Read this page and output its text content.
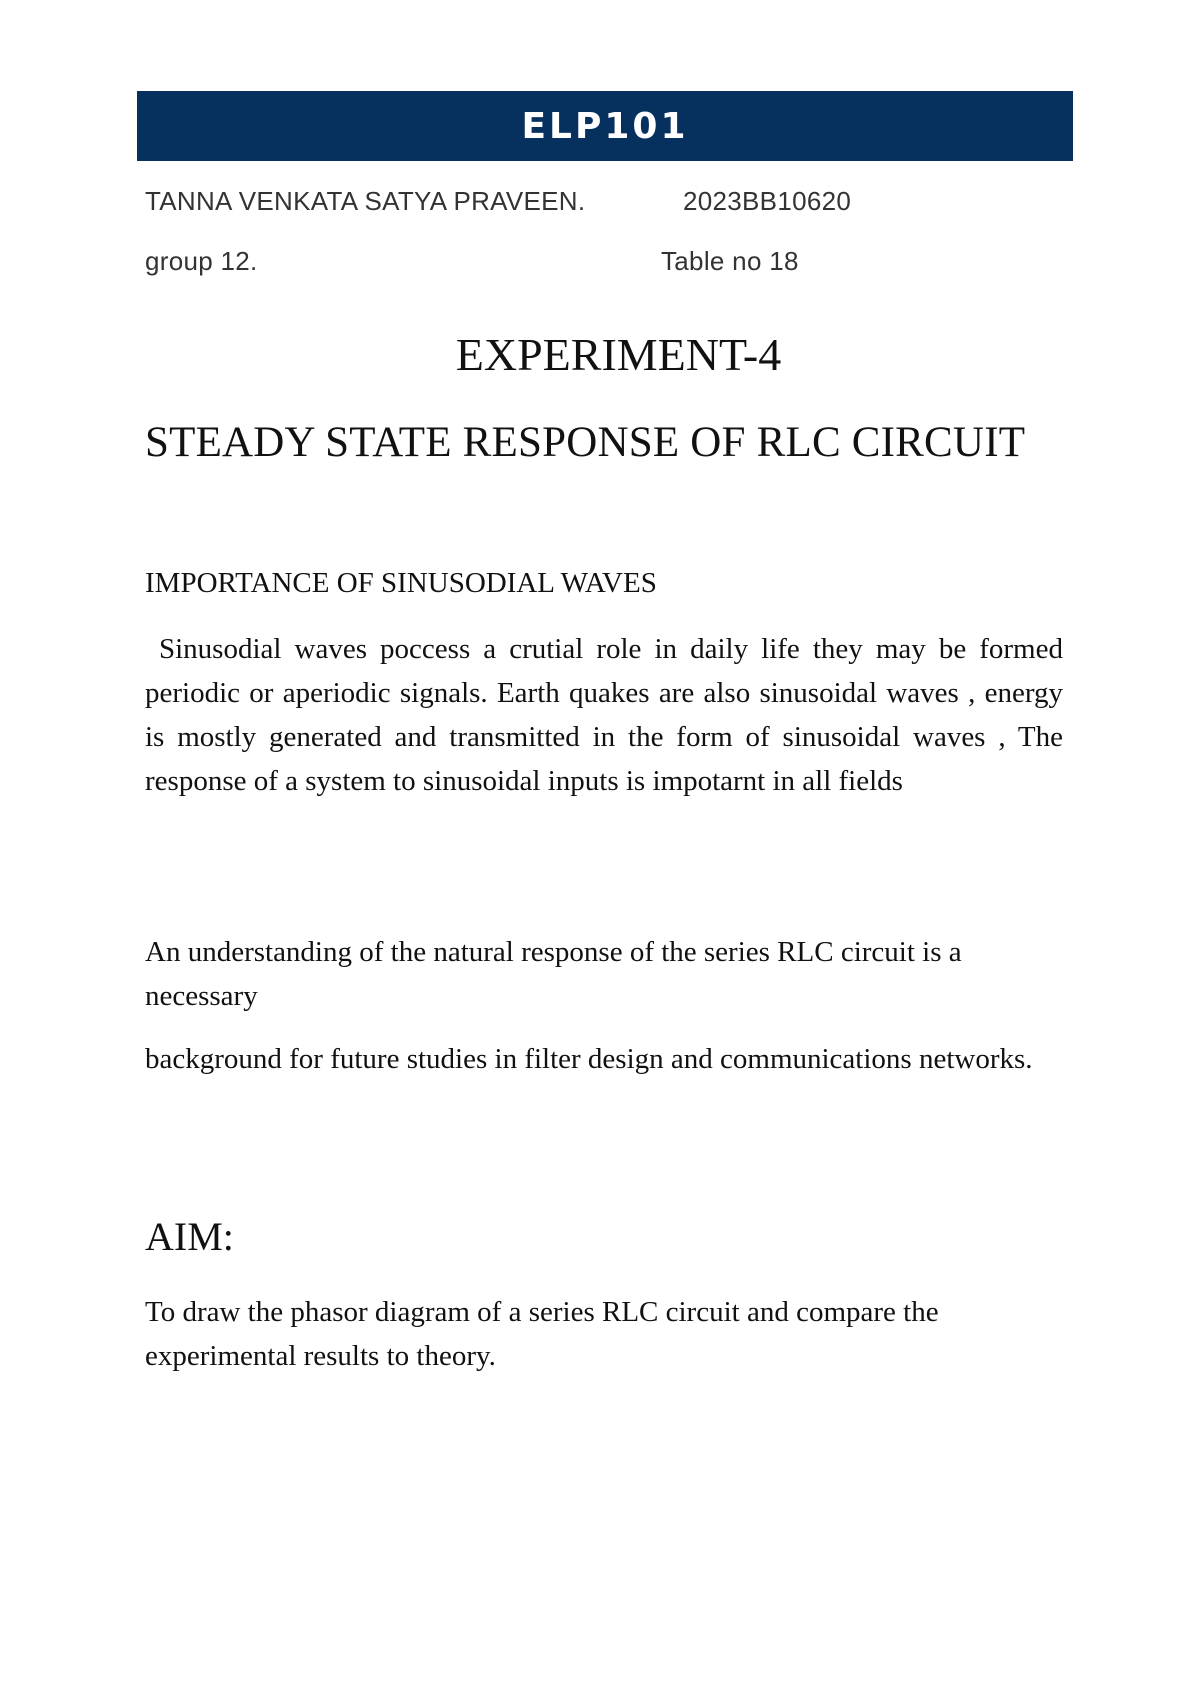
ELP101
TANNA VENKATA SATYA PRAVEEN.	2023BB10620
group 12.	Table no 18
EXPERIMENT-4
STEADY STATE RESPONSE OF RLC CIRCUIT
IMPORTANCE OF SINUSODIAL WAVES

Sinusodial waves poccess a crutial role in daily life they may be formed periodic or aperiodic signals. Earth quakes are also sinusoidal waves , energy is mostly generated and transmitted in the form of sinusoidal waves , The response of a system to sinusoidal inputs is impotarnt in all fields

An understanding of the natural response of the series RLC circuit is a necessary

background for future studies in filter design and communications networks.

AIM:

To draw the phasor diagram of a series RLC circuit and compare the experimental results to theory.
